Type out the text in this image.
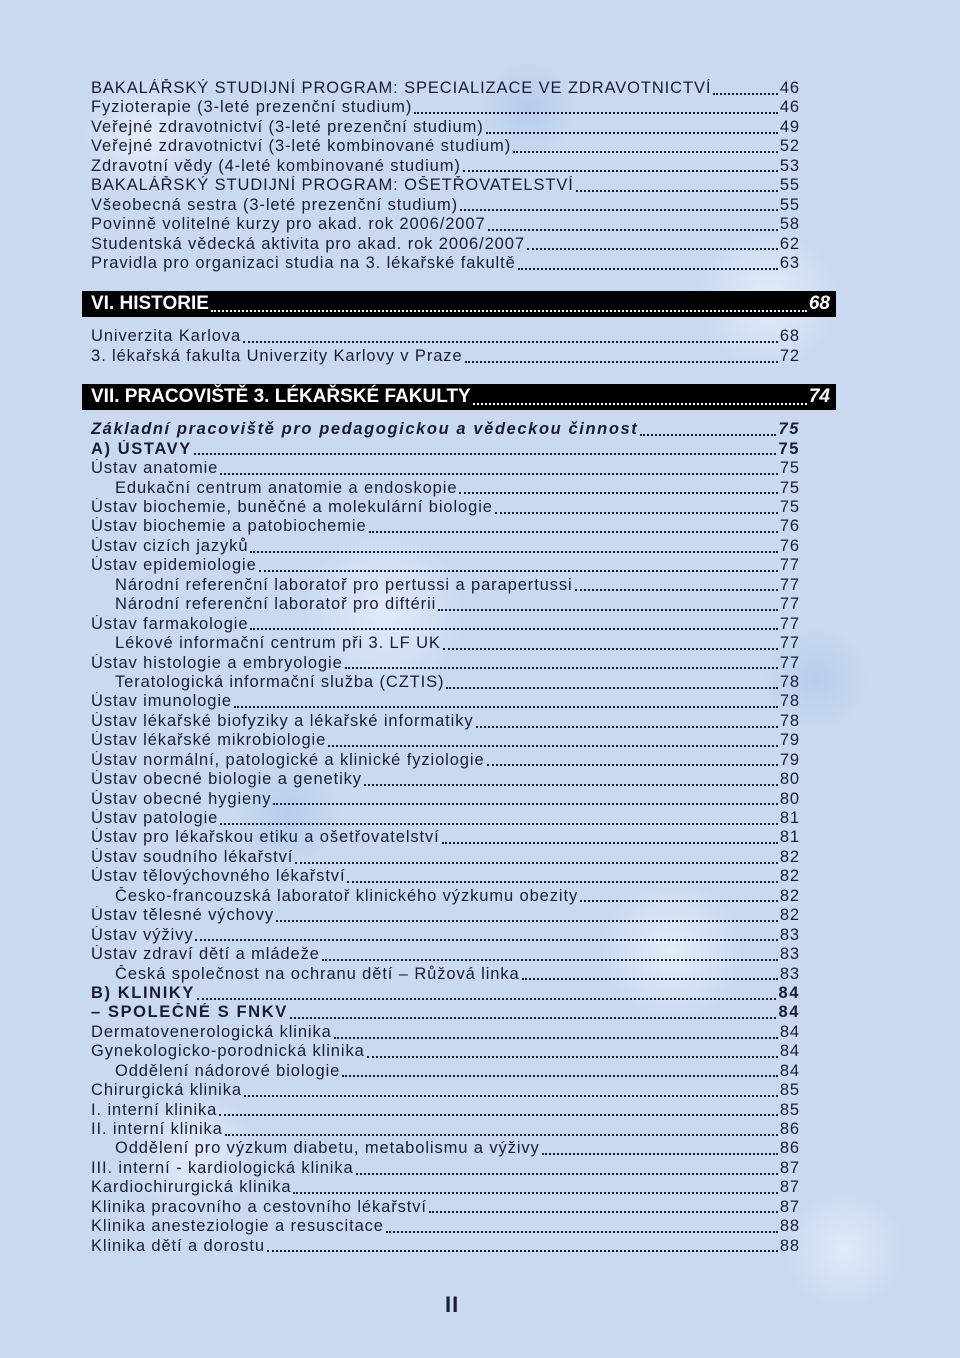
BAKALÁŘSKÝ STUDIJNÍ PROGRAM: SPECIALIZACE VE ZDRAVOTNICTVÍ	46
Fyzioterapie (3-leté prezenční studium)	46
Veřejné zdravotnictví (3-leté prezenční studium)	49
Veřejné zdravotnictví (3-leté kombinované studium)	52
Zdravotní vědy (4-leté kombinované studium)	53
BAKALÁŘSKÝ STUDIJNÍ PROGRAM: OŠETŘOVATELSTVÍ	55
Všeobecná sestra (3-leté prezenční studium)	55
Povinně volitelné kurzy pro akad. rok 2006/2007	58
Studentská vědecká aktivita pro akad. rok 2006/2007	62
Pravidla pro organizaci studia na 3. lékařské fakultě	63
VI. HISTORIE	68
Univerzita Karlova	68
3. lékařská fakulta Univerzity Karlovy v Praze	72
VII. PRACOVIŠTĚ 3. LÉKAŘSKÉ FAKULTY	74
Základní pracoviště pro pedagogickou a vědeckou činnost	75
A) ÚSTAVY	75
Ústav anatomie	75
Edukační centrum anatomie a endoskopie	75
Ústav biochemie, buněčné a molekulární biologie	75
Ústav biochemie a patobiochemie	76
Ústav cizích jazyků	76
Ústav epidemiologie	77
Národní referenční laboratoř pro pertussi a parapertussi	77
Národní referenční laboratoř pro diftérii	77
Ústav farmakologie	77
Lékové informační centrum při 3. LF UK	77
Ústav histologie a embryologie	77
Teratologická informační služba (CZTIS)	78
Ústav imunologie	78
Ústav lékařské biofyziky a lékařské informatiky	78
Ústav lékařské mikrobiologie	79
Ústav normální, patologické a klinické fyziologie	79
Ústav obecné biologie a genetiky	80
Ústav obecné hygieny	80
Ústav patologie	81
Ústav pro lékařskou etiku a ošetřovatelství	81
Ústav soudního lékařství	82
Ústav tělovýchovného lékařství	82
Česko-francouzská laboratoř klinického výzkumu obezity	82
Ústav tělesné výchovy	82
Ústav výživy	83
Ústav zdraví dětí a mládeže	83
Česká společnost na ochranu dětí – Růžová linka	83
B) KLINIKY	84
– SPOLEČNÉ S FNKV	84
Dermatovenerologická klinika	84
Gynekologicko-porodnická klinika	84
Oddělení nádorové biologie	84
Chirurgická klinika	85
I. interní klinika	85
II. interní klinika	86
Oddělení pro výzkum diabetu, metabolismu a výživy	86
III. interní - kardiologická klinika	87
Kardiochirurgická klinika	87
Klinika pracovního a cestovního lékařství	87
Klinika anesteziologie a resuscitace	88
Klinika dětí a dorostu	88
II
